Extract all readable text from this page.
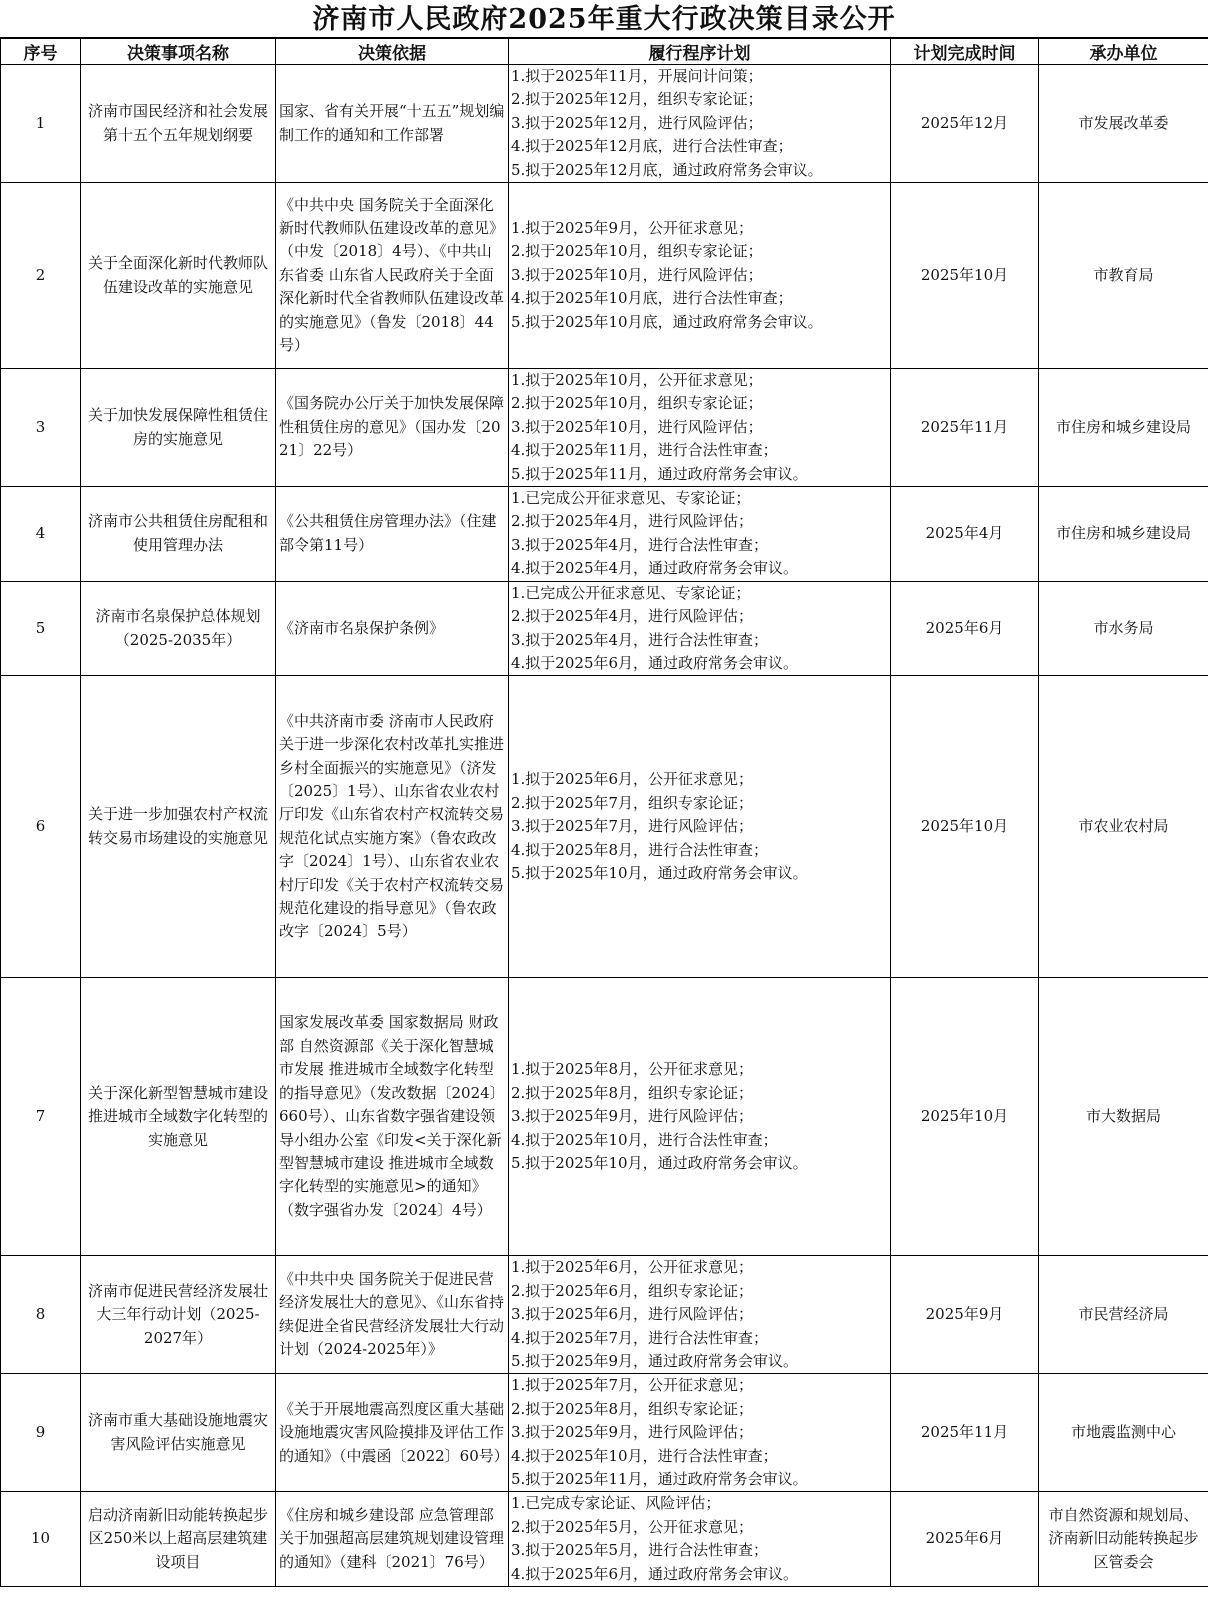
济南市人民政府2025年重大行政决策目录公开
序号	决策事项名称	决策依据	履行程序计划	计划完成时间	承办单位
1	济南市国民经济和社会发展第十五个五年规划纲要	国家、省有关开展“十五五”规划编制工作的通知和工作部署	1.拟于2025年11月，开展问计问策；
2.拟于2025年12月，组织专家论证；
3.拟于2025年12月，进行风险评估；
4.拟于2025年12月底，进行合法性审查；
5.拟于2025年12月底，通过政府常务会审议。	2025年12月	市发展改革委
2	关于全面深化新时代教师队伍建设改革的实施意见	《中共中央 国务院关于全面深化新时代教师队伍建设改革的意见》（中发〔2018〕4号）、《中共山东省委 山东省人民政府关于全面深化新时代全省教师队伍建设改革的实施意见》（鲁发〔2018〕44号）	1.拟于2025年9月，公开征求意见；
2.拟于2025年10月，组织专家论证；
3.拟于2025年10月，进行风险评估；
4.拟于2025年10月底，进行合法性审查；
5.拟于2025年10月底，通过政府常务会审议。	2025年10月	市教育局
3	关于加快发展保障性租赁住房的实施意见	《国务院办公厅关于加快发展保障性租赁住房的意见》（国办发〔2021〕22号）	1.拟于2025年10月，公开征求意见；
2.拟于2025年10月，组织专家论证；
3.拟于2025年10月，进行风险评估；
4.拟于2025年11月，进行合法性审查；
5.拟于2025年11月，通过政府常务会审议。	2025年11月	市住房和城乡建设局
4	济南市公共租赁住房配租和使用管理办法	《公共租赁住房管理办法》（住建部令第11号）	1.已完成公开征求意见、专家论证；
2.拟于2025年4月，进行风险评估；
3.拟于2025年4月，进行合法性审查；
4.拟于2025年4月，通过政府常务会审议。	2025年4月	市住房和城乡建设局
5	济南市名泉保护总体规划（2025-2035年）	《济南市名泉保护条例》	1.已完成公开征求意见、专家论证；
2.拟于2025年4月，进行风险评估；
3.拟于2025年4月，进行合法性审查；
4.拟于2025年6月，通过政府常务会审议。	2025年6月	市水务局
6	关于进一步加强农村产权流转交易市场建设的实施意见	《中共济南市委 济南市人民政府关于进一步深化农村改革扎实推进乡村全面振兴的实施意见》（济发〔2025〕1号）、山东省农业农村厅印发《山东省农村产权流转交易规范化试点实施方案》（鲁农政改字〔2024〕1号）、山东省农业农村厅印发《关于农村产权流转交易规范化建设的指导意见》（鲁农政改字〔2024〕5号）	1.拟于2025年6月，公开征求意见；
2.拟于2025年7月，组织专家论证；
3.拟于2025年7月，进行风险评估；
4.拟于2025年8月，进行合法性审查；
5.拟于2025年10月，通过政府常务会审议。	2025年10月	市农业农村局
7	关于深化新型智慧城市建设 推进城市全域数字化转型的实施意见	国家发展改革委 国家数据局 财政部 自然资源部《关于深化智慧城市发展 推进城市全域数字化转型的指导意见》（发改数据〔2024〕660号）、山东省数字强省建设领导小组办公室《印发<关于深化新型智慧城市建设 推进城市全域数字化转型的实施意见>的通知》（数字强省办发〔2024〕4号）	1.拟于2025年8月，公开征求意见；
2.拟于2025年8月，组织专家论证；
3.拟于2025年9月，进行风险评估；
4.拟于2025年10月，进行合法性审查；
5.拟于2025年10月，通过政府常务会审议。	2025年10月	市大数据局
8	济南市促进民营经济发展壮大三年行动计划（2025-2027年）	《中共中央 国务院关于促进民营经济发展壮大的意见》、《山东省持续促进全省民营经济发展壮大行动计划（2024-2025年）》	1.拟于2025年6月，公开征求意见；
2.拟于2025年6月，组织专家论证；
3.拟于2025年6月，进行风险评估；
4.拟于2025年7月，进行合法性审查；
5.拟于2025年9月，通过政府常务会审议。	2025年9月	市民营经济局
9	济南市重大基础设施地震灾害风险评估实施意见	《关于开展地震高烈度区重大基础设施地震灾害风险摸排及评估工作的通知》（中震函〔2022〕60号）	1.拟于2025年7月，公开征求意见；
2.拟于2025年8月，组织专家论证；
3.拟于2025年9月，进行风险评估；
4.拟于2025年10月，进行合法性审查；
5.拟于2025年11月，通过政府常务会审议。	2025年11月	市地震监测中心
10	启动济南新旧动能转换起步区250米以上超高层建筑建设项目	《住房和城乡建设部 应急管理部关于加强超高层建筑规划建设管理的通知》（建科〔2021〕76号）	1.已完成专家论证、风险评估；
2.拟于2025年5月，公开征求意见；
3.拟于2025年5月，进行合法性审查；
4.拟于2025年6月，通过政府常务会审议。	2025年6月	市自然资源和规划局、济南新旧动能转换起步区管委会
